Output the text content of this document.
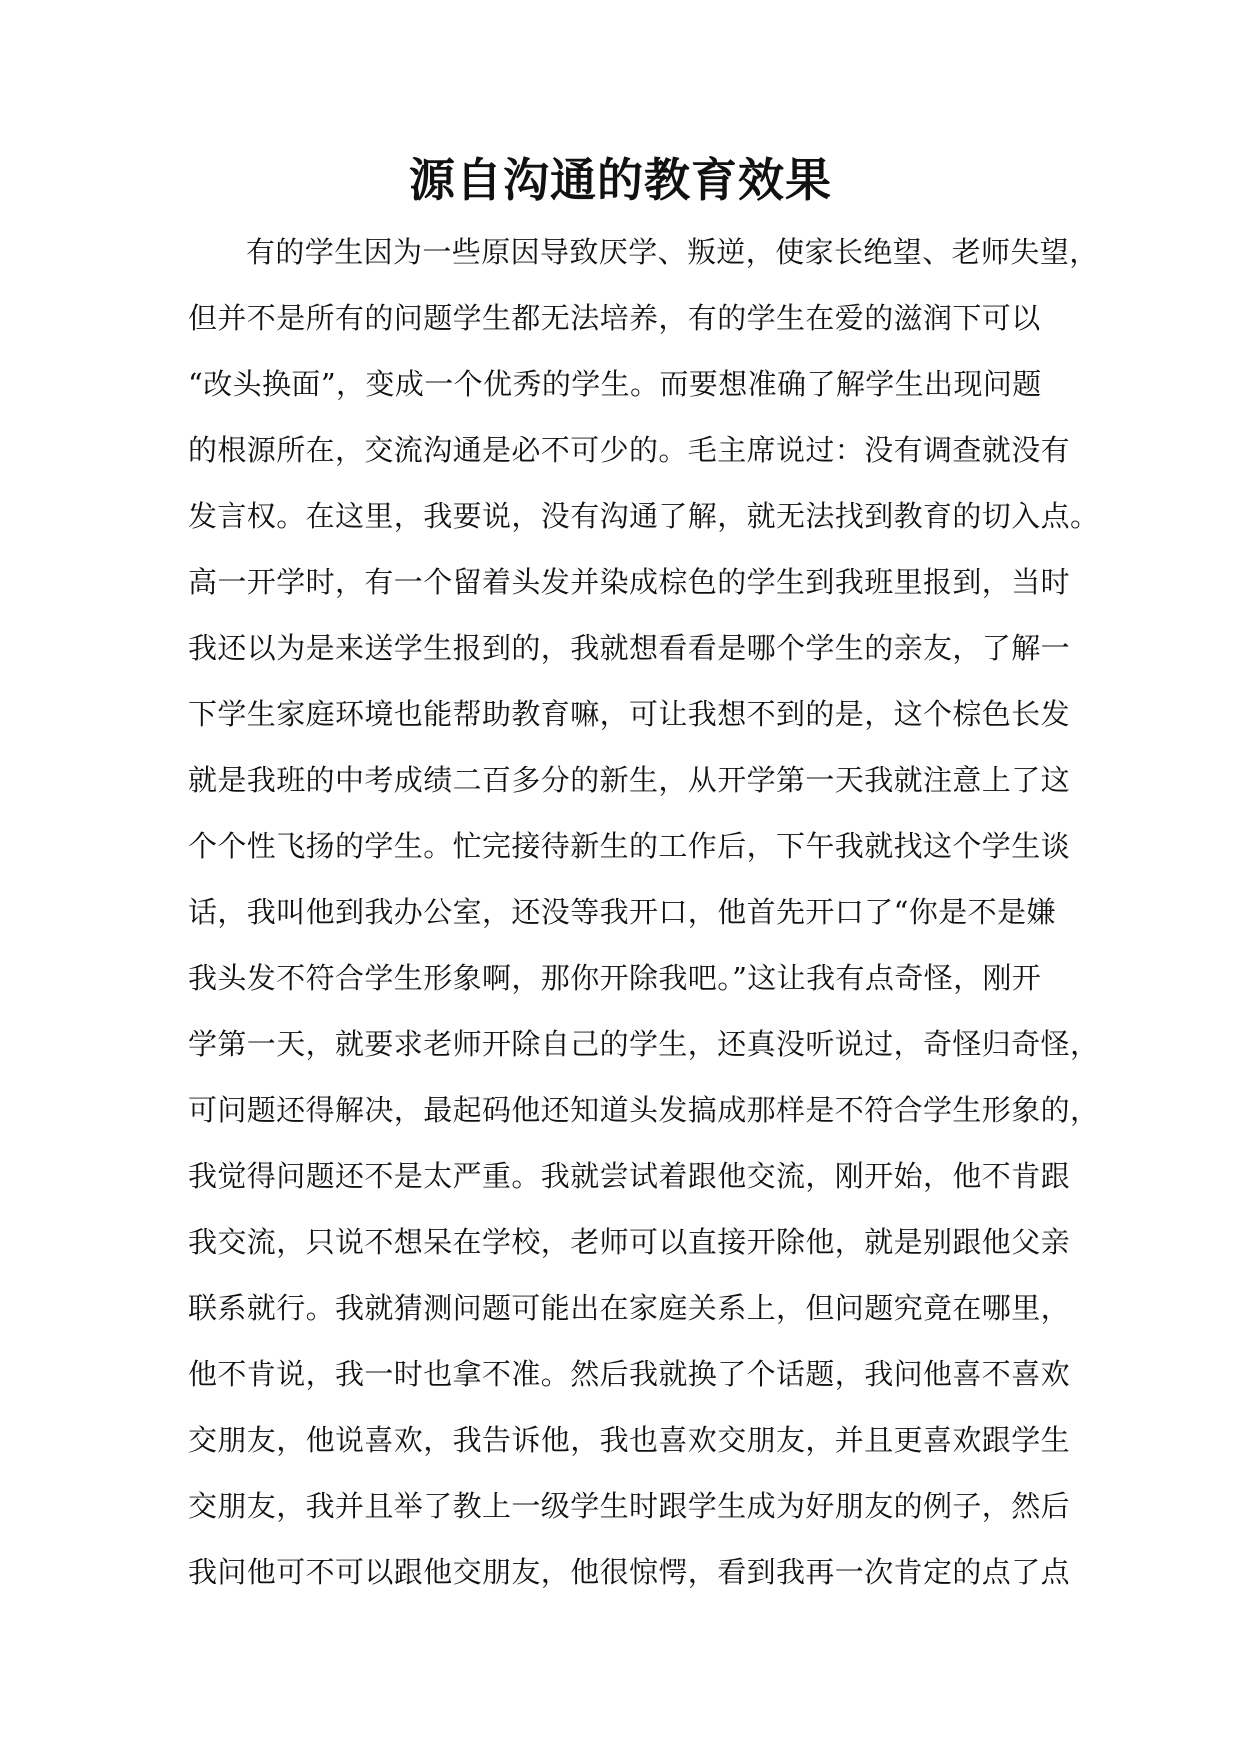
源自沟通的教育效果
有的学生因为一些原因导致厌学、叛逆，使家长绝望、老师失望，
但并不是所有的问题学生都无法培养，有的学生在爱的滋润下可以
“改头换面”，变成一个优秀的学生。而要想准确了解学生出现问题
的根源所在，交流沟通是必不可少的。毛主席说过：没有调查就没有
发言权。在这里，我要说，没有沟通了解，就无法找到教育的切入点。
高一开学时，有一个留着头发并染成棕色的学生到我班里报到，当时
我还以为是来送学生报到的，我就想看看是哪个学生的亲友，了解一
下学生家庭环境也能帮助教育嘛，可让我想不到的是，这个棕色长发
就是我班的中考成绩二百多分的新生，从开学第一天我就注意上了这
个个性飞扬的学生。忙完接待新生的工作后，下午我就找这个学生谈
话，我叫他到我办公室，还没等我开口，他首先开口了“你是不是嫌
我头发不符合学生形象啊，那你开除我吧。”这让我有点奇怪，刚开
学第一天，就要求老师开除自己的学生，还真没听说过，奇怪归奇怪，
可问题还得解决，最起码他还知道头发搞成那样是不符合学生形象的，
我觉得问题还不是太严重。我就尝试着跟他交流，刚开始，他不肯跟
我交流，只说不想呆在学校，老师可以直接开除他，就是别跟他父亲
联系就行。我就猜测问题可能出在家庭关系上，但问题究竟在哪里，
他不肯说，我一时也拿不准。然后我就换了个话题，我问他喜不喜欢
交朋友，他说喜欢，我告诉他，我也喜欢交朋友，并且更喜欢跟学生
交朋友，我并且举了教上一级学生时跟学生成为好朋友的例子，然后
我问他可不可以跟他交朋友，他很惊愕，看到我再一次肯定的点了点
